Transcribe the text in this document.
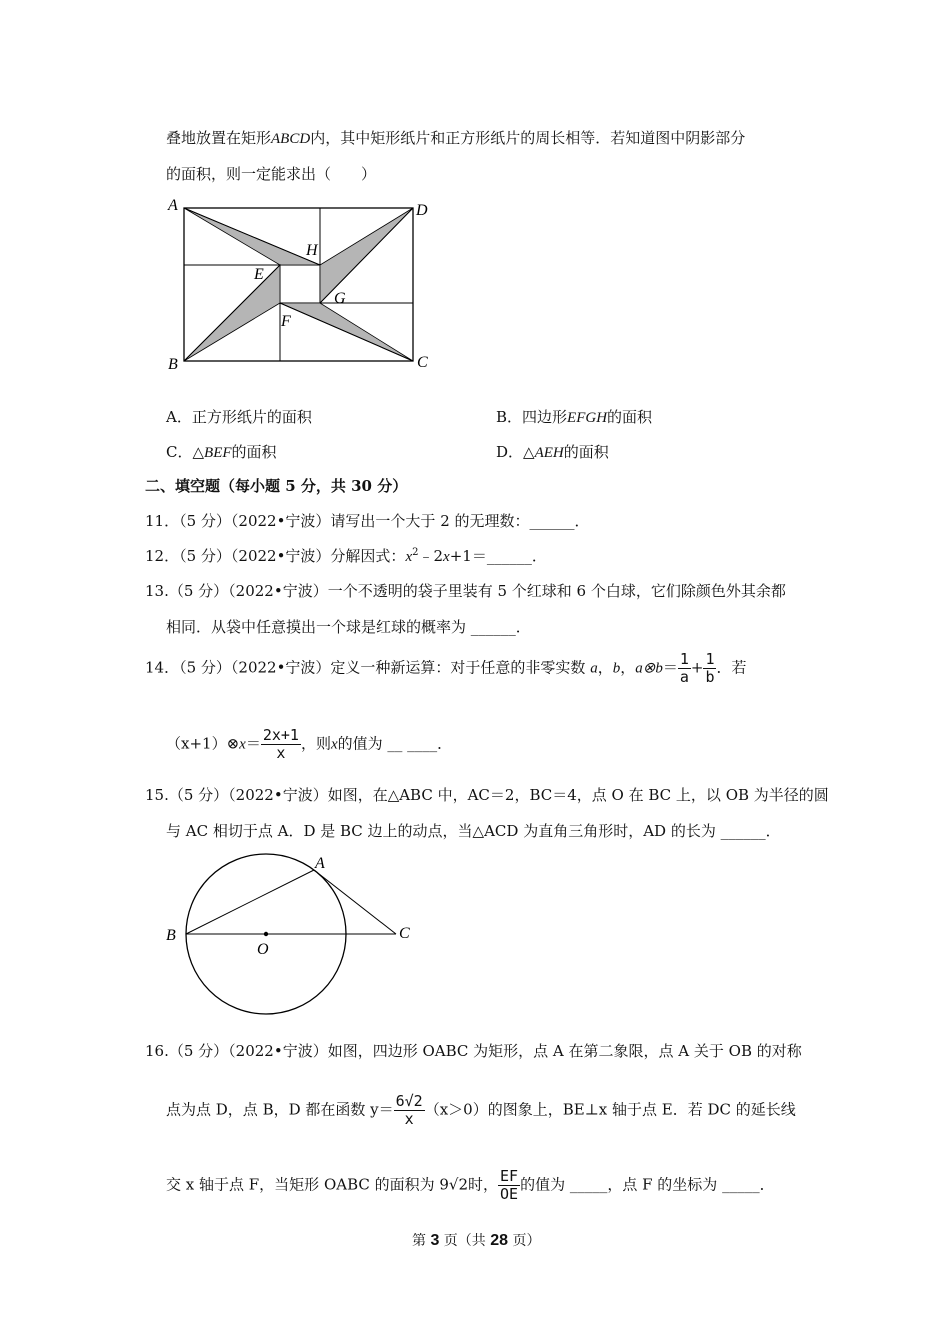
叠地放置在矩形ABCD内，其中矩形纸片和正方形纸片的周长相等．若知道图中阴影部分
的面积，则一定能求出（　　）
A	D
B	C
E
H
G
F
A．正方形纸片的面积	B．四边形EFGH的面积
C．△BEF的面积	D．△AEH的面积
二、填空题（每小题 5 分，共 30 分）
11．（5 分）（2022•宁波）请写出一个大于 2 的无理数：______．
12．（5 分）（2022•宁波）分解因式：$x^2﹣2x+1=\_\_\_\_\_\_$．
13.（5 分）（2022•宁波）一个不透明的袋子里装有 5 个红球和 6 个白球，它们除颜色外其余都
相同．从袋中任意摸出一个球是红球的概率为 ______．
14．（5 分）（2022•宁波）定义一种新运算：对于任意的非零实数 a，b，a⊗b＝ $\frac{1}{a} + \frac{1}{b}$ ．若
（x+1）⊗x＝ $\frac{2x+1}{x}$ ，则x的值为 __ ____．
15.（5 分）（2022•宁波）如图，在△ABC 中，AC＝2，BC＝4，点 O 在 BC 上，以 OB 为半径的圆
与 AC 相切于点 A．D 是 BC 边上的动点，当△ACD 为直角三角形时，AD 的长为 ______．
A
B	C
O
16.（5 分）（2022•宁波）如图，四边形 OABC 为矩形，点 A 在第二象限，点 A 关于 OB 的对称
点为点 D，点 B，D 都在函数 $y= \frac{6√2}{x} (x>0)$的图象上，BE⊥x 轴于点 E．若 DC 的延长线
交 x 轴于点 F，当矩形 OABC 的面积为 9√2时， $\frac{EF}{OE}$ 的值为 _____，点 F 的坐标为 _____．
第 3 页（共 28 页）
